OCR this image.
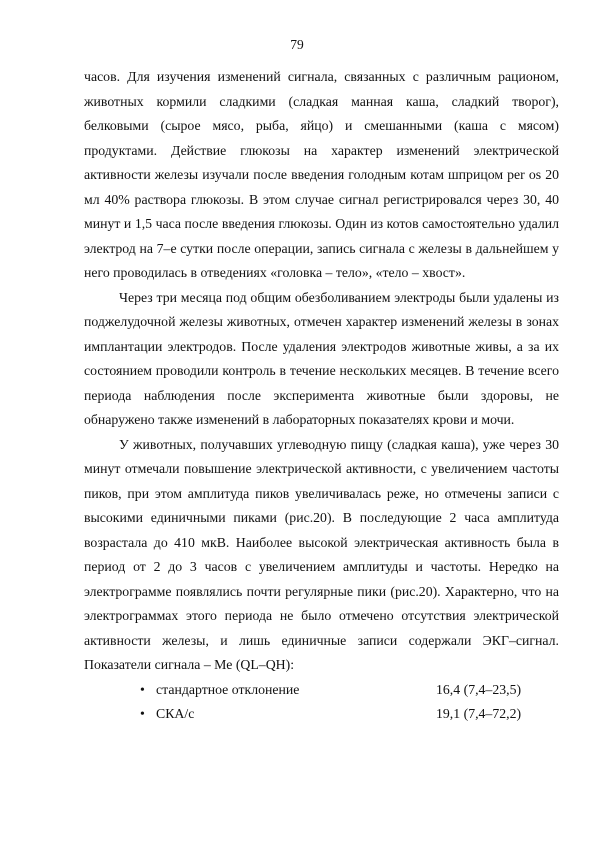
79

часов. Для изучения изменений сигнала, связанных с различным рационом, животных кормили сладкими (сладкая манная каша, сладкий творог), белковыми (сырое мясо, рыба, яйцо) и смешанными (каша с мясом) продуктами. Действие глюкозы на характер изменений электрической активности железы изучали после введения голодным котам шприцом per os 20 мл 40% раствора глюкозы. В этом случае сигнал регистрировался через 30, 40 минут и 1,5 часа после введения глюкозы. Один из котов самостоятельно удалил электрод на 7–е сутки после операции, запись сигнала с железы в дальнейшем у него проводилась в отведениях «головка – тело», «тело – хвост».

Через три месяца под общим обезболиванием электроды были удалены из поджелудочной железы животных, отмечен характер изменений железы в зонах имплантации электродов. После удаления электродов животные живы, а за их состоянием проводили контроль в течение нескольких месяцев. В течение всего периода наблюдения после эксперимента животные были здоровы, не обнаружено также изменений в лабораторных показателях крови и мочи.

У животных, получавших углеводную пищу (сладкая каша), уже через 30 минут отмечали повышение электрической активности, с увеличением частоты пиков, при этом амплитуда пиков увеличивалась реже, но отмечены записи с высокими единичными пиками (рис.20). В последующие 2 часа амплитуда возрастала до 410 мкВ. Наиболее высокой электрическая активность была в период от 2 до 3 часов с увеличением амплитуды и частоты. Нередко на электрограмме появлялись почти регулярные пики (рис.20). Характерно, что на электрограммах этого периода не было отмечено отсутствия электрической активности железы, и лишь единичные записи содержали ЭКГ–сигнал. Показатели сигнала – Ме (QL–QH):

• стандартное отклонение	16,4 (7,4–23,5)
• СКА/с	19,1 (7,4–72,2)
